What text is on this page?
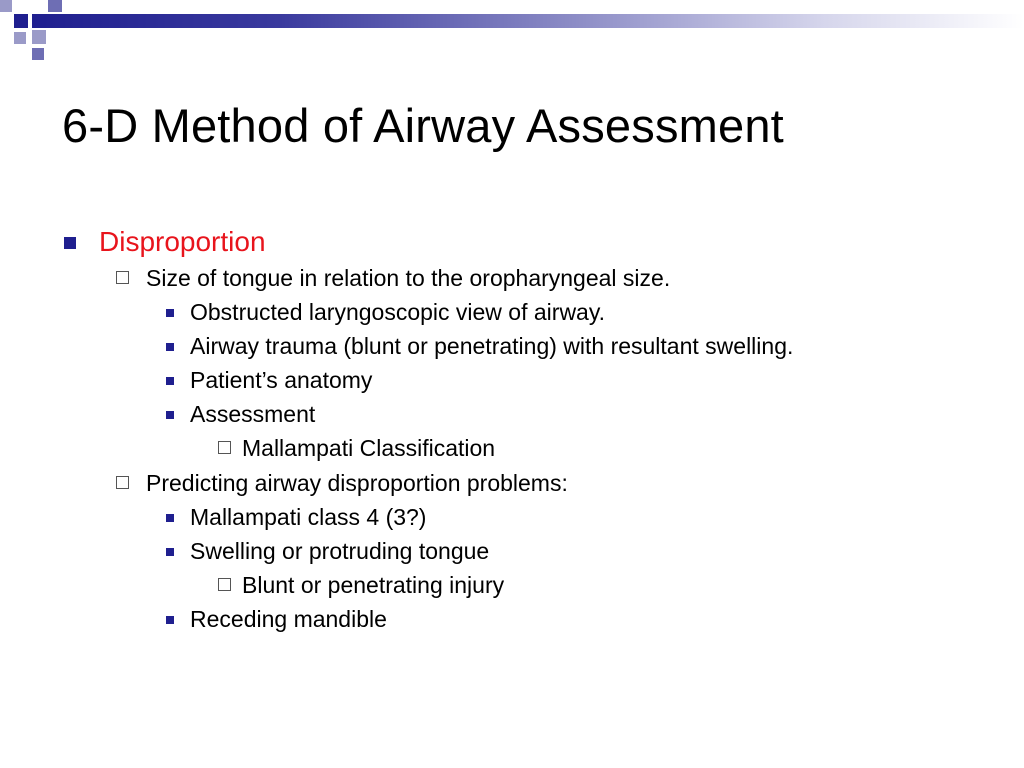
6-D Method of Airway Assessment
Disproportion
Size of tongue in relation to the oropharyngeal size.
Obstructed laryngoscopic view of airway.
Airway trauma (blunt or penetrating) with resultant swelling.
Patient’s anatomy
Assessment
Mallampati Classification
Predicting airway disproportion problems:
Mallampati class 4 (3?)
Swelling or protruding tongue
Blunt or penetrating injury
Receding mandible
